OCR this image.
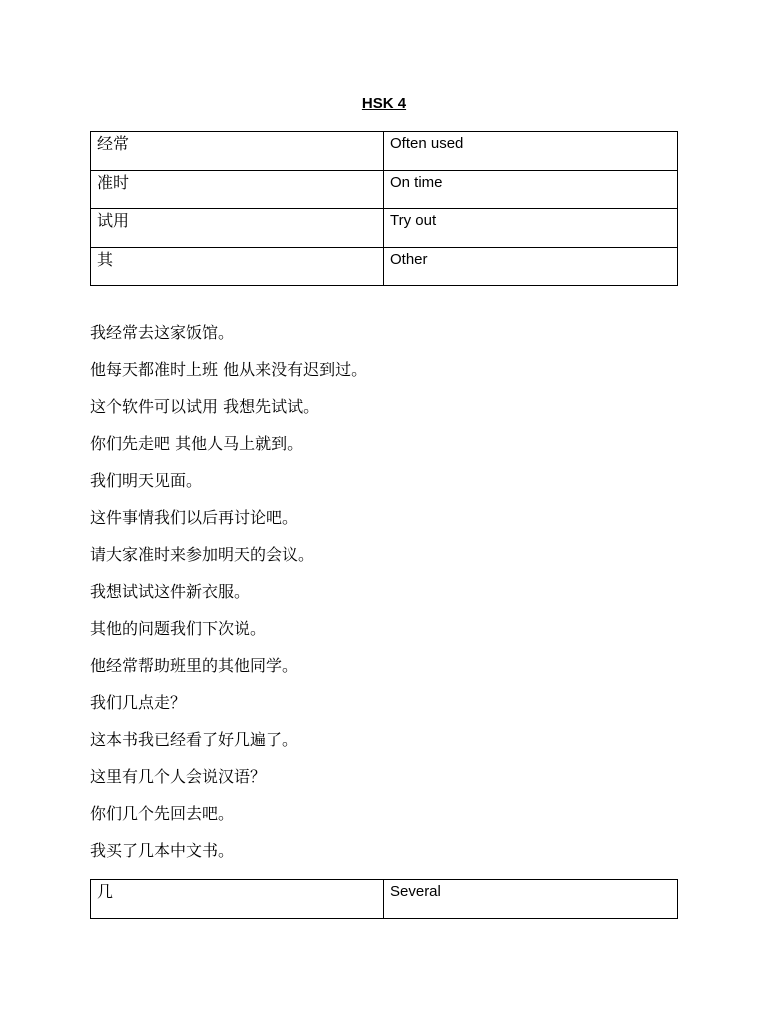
HSK 4
经常	Often used
准时	On time
试用	Try out
其	Other
我经常去这家饭馆。
他每天都准时上班 他从来没有迟到过。
这个软件可以试用 我想先试试。
你们先走吧 其他人马上就到。
我们明天见面。
这件事情我们以后再讨论吧。
请大家准时来参加明天的会议。
我想试试这件新衣服。
其他的问题我们下次说。
他经常帮助班里的其他同学。
我们几点走？
这本书我已经看了好几遍了。
这里有几个人会说汉语？
你们几个先回去吧。
我买了几本中文书。
几	Several
